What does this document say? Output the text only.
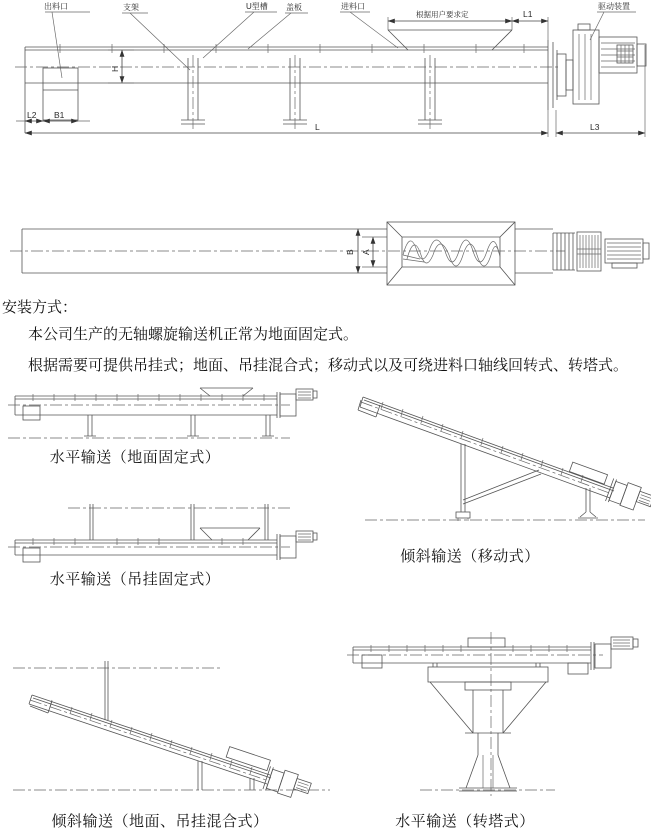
出料口	支架	U型槽 盖板	进料口	驱动装置
根据用户要求定	L1
H
L2 B1
L	L3
B A
安装方式：
本公司生产的无轴螺旋输送机正常为地面固定式。
根据需要可提供吊挂式；地面、吊挂混合式；移动式以及可绕进料口轴线回转式、转塔式。
水平输送（地面固定式）
水平输送（吊挂固定式）
倾斜输送（移动式）
倾斜输送（地面、吊挂混合式）	水平输送（转塔式）
